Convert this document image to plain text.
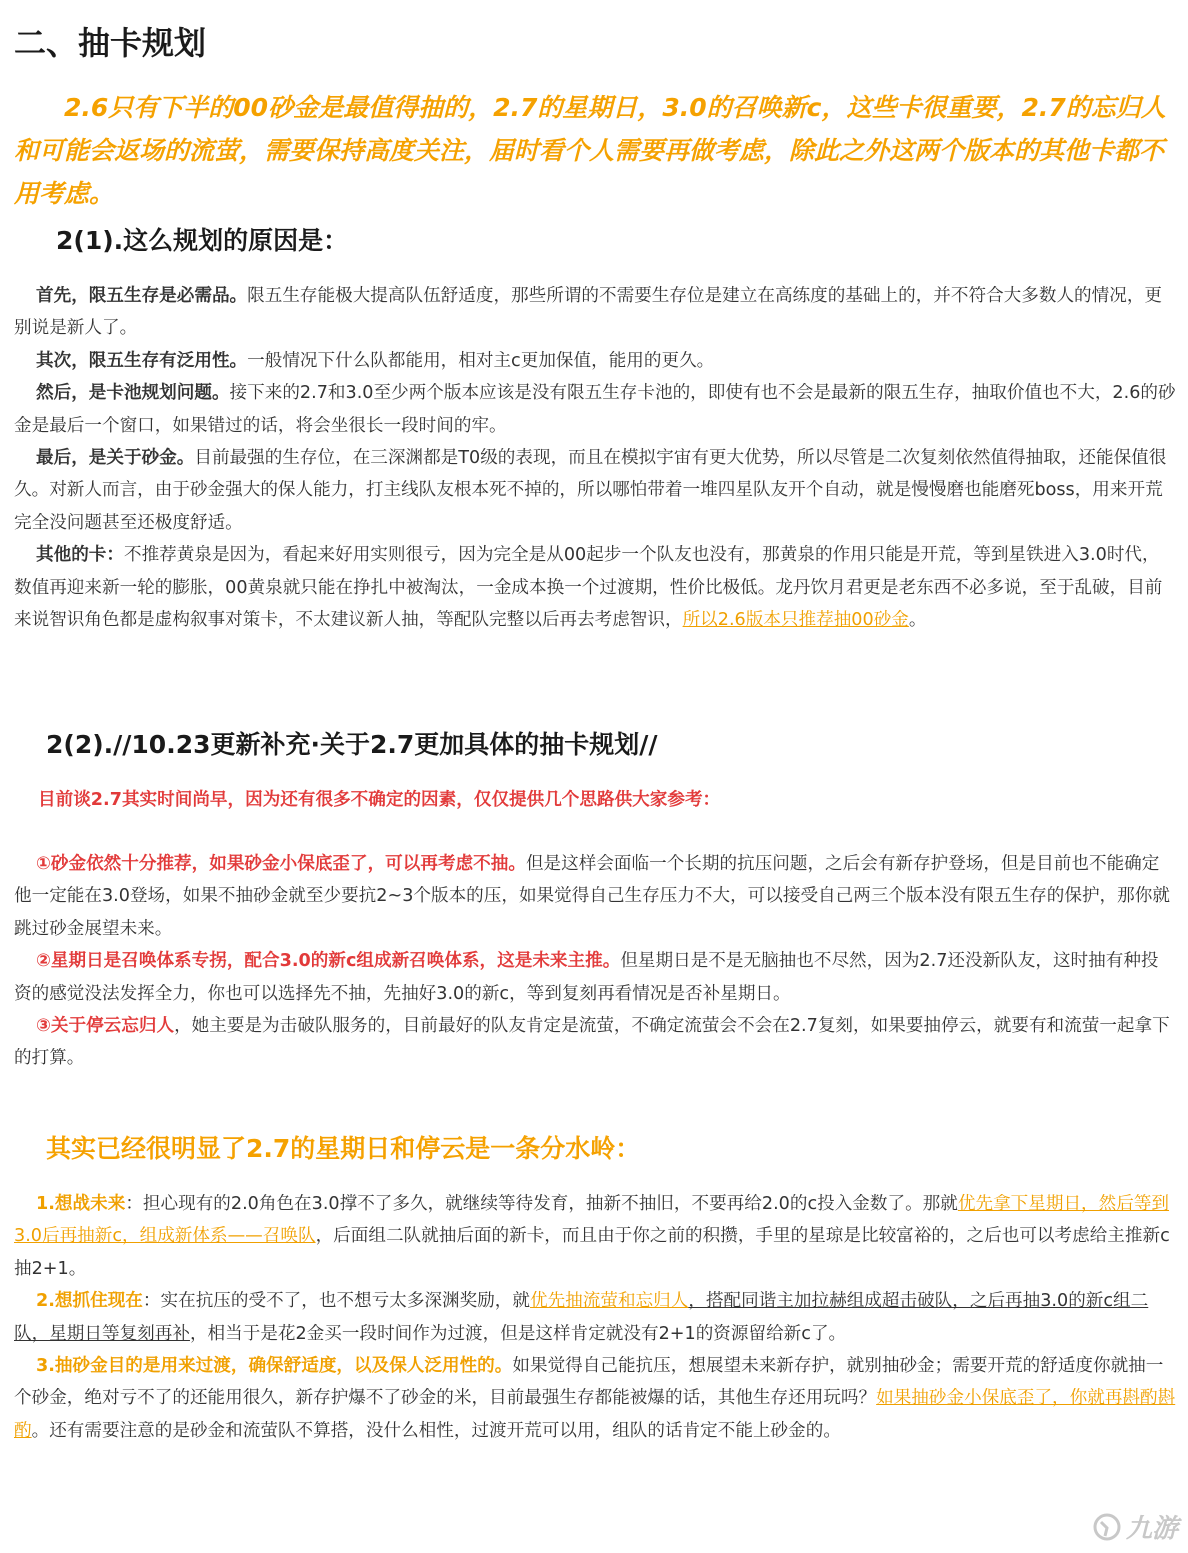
二、抽卡规划

2.6只有下半的00砂金是最值得抽的，2.7的星期日，3.0的召唤新c，这些卡很重要，2.7的忘归人和可能会返场的流萤，需要保持高度关注，届时看个人需要再做考虑，除此之外这两个版本的其他卡都不用考虑。

2(1).这么规划的原因是：

首先，限五生存是必需品。限五生存能极大提高队伍舒适度，那些所谓的不需要生存位是建立在高练度的基础上的，并不符合大多数人的情况，更别说是新人了。

其次，限五生存有泛用性。一般情况下什么队都能用，相对主c更加保值，能用的更久。

然后，是卡池规划问题。接下来的2.7和3.0至少两个版本应该是没有限五生存卡池的，即使有也不会是最新的限五生存，抽取价值也不大，2.6的砂金是最后一个窗口，如果错过的话，将会坐很长一段时间的牢。

最后，是关于砂金。目前最强的生存位，在三深渊都是T0级的表现，而且在模拟宇宙有更大优势，所以尽管是二次复刻依然值得抽取，还能保值很久。对新人而言，由于砂金强大的保人能力，打主线队友根本死不掉的，所以哪怕带着一堆四星队友开个自动，就是慢慢磨也能磨死boss，用来开荒完全没问题甚至还极度舒适。

其他的卡：不推荐黄泉是因为，看起来好用实则很亏，因为完全是从00起步一个队友也没有，那黄泉的作用只能是开荒，等到星铁进入3.0时代，数值再迎来新一轮的膨胀，00黄泉就只能在挣扎中被淘汰，一金成本换一个过渡期，性价比极低。龙丹饮月君更是老东西不必多说，至于乱破，目前来说智识角色都是虚构叙事对策卡，不太建议新人抽，等配队完整以后再去考虑智识，所以2.6版本只推荐抽00砂金。

2(2).//10.23更新补充·关于2.7更加具体的抽卡规划//

目前谈2.7其实时间尚早，因为还有很多不确定的因素，仅仅提供几个思路供大家参考：

①砂金依然十分推荐，如果砂金小保底歪了，可以再考虑不抽。但是这样会面临一个长期的抗压问题，之后会有新存护登场，但是目前也不能确定他一定能在3.0登场，如果不抽砂金就至少要抗2~3个版本的压，如果觉得自己生存压力不大，可以接受自己两三个版本没有限五生存的保护，那你就跳过砂金展望未来。

②星期日是召唤体系专拐，配合3.0的新c组成新召唤体系，这是未来主推。但星期日是不是无脑抽也不尽然，因为2.7还没新队友，这时抽有种投资的感觉没法发挥全力，你也可以选择先不抽，先抽好3.0的新c，等到复刻再看情况是否补星期日。

③关于停云忘归人，她主要是为击破队服务的，目前最好的队友肯定是流萤，不确定流萤会不会在2.7复刻，如果要抽停云，就要有和流萤一起拿下的打算。

其实已经很明显了2.7的星期日和停云是一条分水岭：

1.想战未来：担心现有的2.0角色在3.0撑不了多久，就继续等待发育，抽新不抽旧，不要再给2.0的c投入金数了。那就优先拿下星期日，然后等到3.0后再抽新c，组成新体系——召唤队，后面组二队就抽后面的新卡，而且由于你之前的积攒，手里的星琼是比较富裕的，之后也可以考虑给主推新c抽2+1。

2.想抓住现在：实在抗压的受不了，也不想亏太多深渊奖励，就优先抽流萤和忘归人，搭配同谐主加拉赫组成超击破队，之后再抽3.0的新c组二队，星期日等复刻再补，相当于是花2金买一段时间作为过渡，但是这样肯定就没有2+1的资源留给新c了。

3.抽砂金目的是用来过渡，确保舒适度，以及保人泛用性的。如果觉得自己能抗压，想展望未来新存护，就别抽砂金；需要开荒的舒适度你就抽一个砂金，绝对亏不了的还能用很久，新存护爆不了砂金的米，目前最强生存都能被爆的话，其他生存还用玩吗？如果抽砂金小保底歪了，你就再斟酌斟酌。还有需要注意的是砂金和流萤队不算搭，没什么相性，过渡开荒可以用，组队的话肯定不能上砂金的。

九游
